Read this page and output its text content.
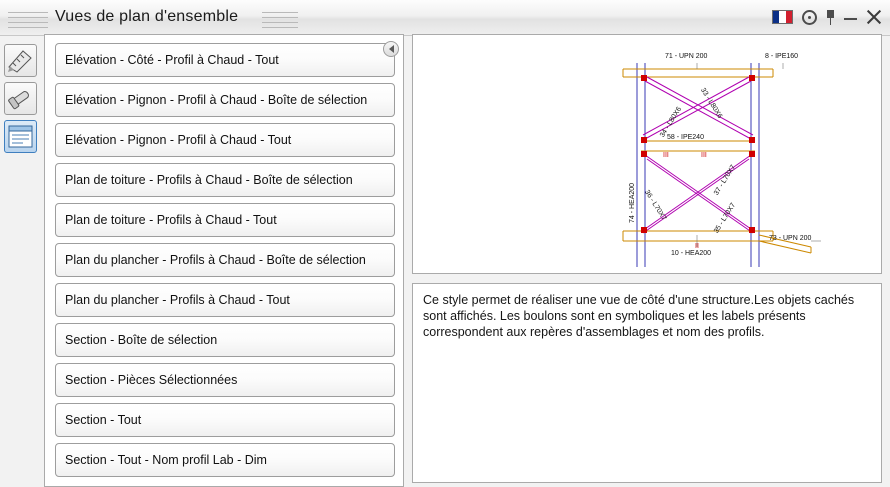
Vues de plan d'ensemble
Elévation - Côté - Profil à Chaud - Tout
Elévation - Pignon - Profil à Chaud - Boîte de sélection
Elévation - Pignon - Profil à Chaud - Tout
Plan de toiture - Profils à Chaud - Boîte de sélection
Plan de toiture - Profils à Chaud - Tout
Plan du plancher - Profils à Chaud - Boîte de sélection
Plan du plancher - Profils à Chaud - Tout
Section - Boîte de sélection
Section - Pièces Sélectionnées
Section - Tout
Section - Tout - Nom profil Lab - Dim
71 - UPN 200	8 - IPE160
34 - L80X6
33 - L80X6
58 - IPE240
74 - HEA200 36 - L70X7	35 - L70X7
37 - L70X7
10 - HEA200
73 - UPN 200
III	III
II
Ce style permet de réaliser une vue de côté d'une structure.Les objets cachés sont affichés. Les boulons sont en symboliques et les labels présents correspondent aux repères d'assemblages et nom des profils.
